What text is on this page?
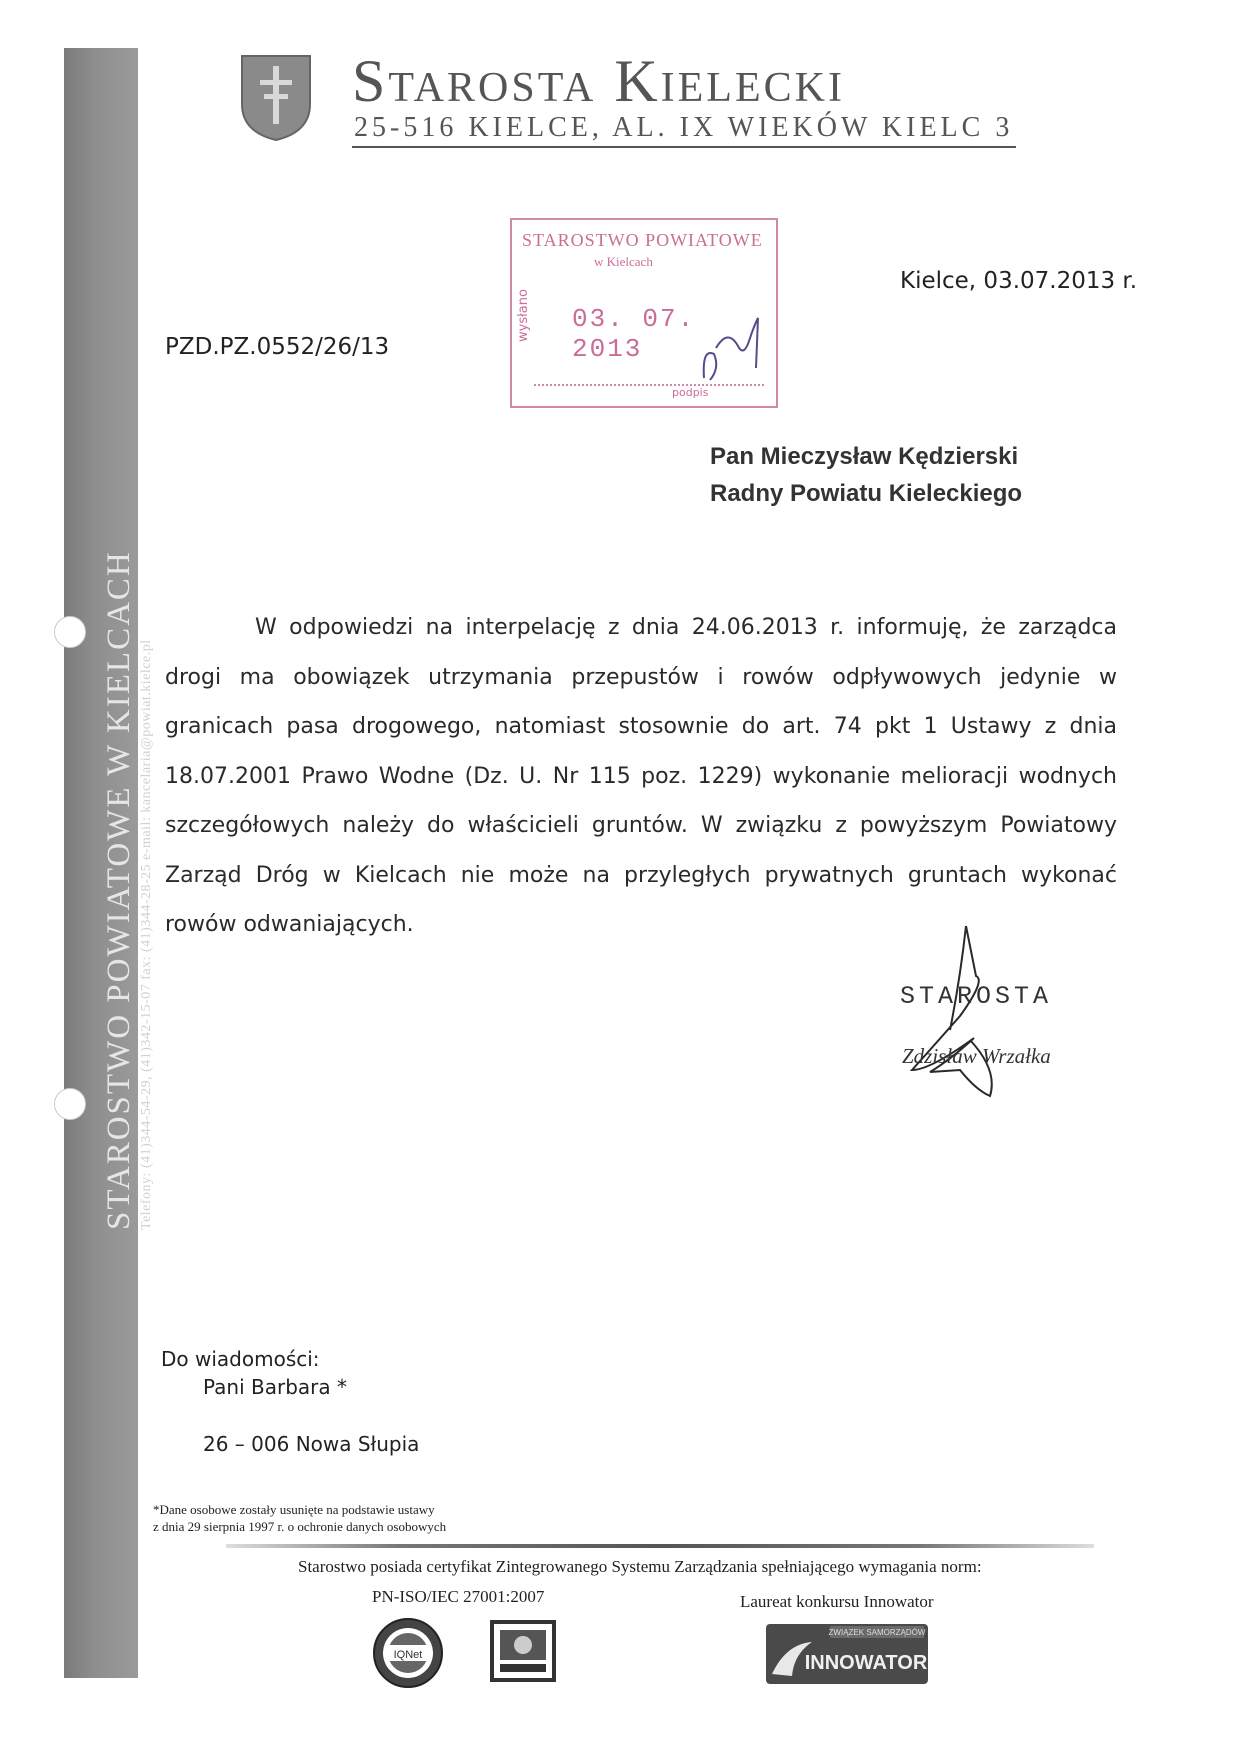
STAROSTWO POWIATOWE W KIELCACH Telefony: (41)344-54-29, (41)342-15-07 fax: (41)344-28-25 e-mail: kancelaria@powiat.kielce.pl
Starosta Kielecki
25-516 KIELCE, AL. IX WIEKÓW KIELC 3
STAROSTWO POWIATOWE
w Kielcach
wysłano 03. 07. 2013
podpis
Kielce, 03.07.2013 r.
PZD.PZ.0552/26/13
Pan Mieczysław Kędzierski
Radny Powiatu Kieleckiego

W odpowiedzi na interpelację z dnia 24.06.2013 r. informuję, że zarządca drogi ma obowiązek utrzymania przepustów i rowów odpływowych jedynie w granicach pasa drogowego, natomiast stosownie do art. 74 pkt 1 Ustawy z dnia 18.07.2001 Prawo Wodne (Dz. U. Nr 115 poz. 1229) wykonanie melioracji wodnych szczegółowych należy do właścicieli gruntów. W związku z powyższym Powiatowy Zarząd Dróg w Kielcach nie może na przyległych prywatnych gruntach wykonać rowów odwaniających.

STAROSTA
Zdzisław Wrzałka
Do wiadomości:
Pani Barbara *
26 – 006 Nowa Słupia
*Dane osobowe zostały usunięte na podstawie ustawy
z dnia 29 sierpnia 1997 r. o ochronie danych osobowych
Starostwo posiada certyfikat Zintegrowanego Systemu Zarządzania spełniającego wymagania norm:
PN-ISO/IEC 27001:2007	Laureat konkursu Innowator
IQNet
ZWIĄZEK SAMORZĄDÓW
INNOWATOR
